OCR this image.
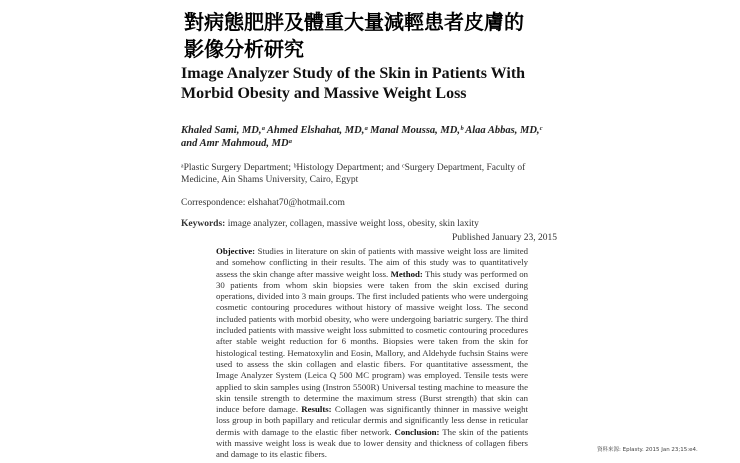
對病態肥胖及體重大量減輕患者皮膚的
影像分析研究
Image Analyzer Study of the Skin in Patients With
Morbid Obesity and Massive Weight Loss
Khaled Sami, MD,ᵃ Ahmed Elshahat, MD,ᵃ Manal Moussa, MD,ᵇ Alaa Abbas, MD,ᶜ
and Amr Mahmoud, MDᵃ
ᵃPlastic Surgery Department; ᵇHistology Department; and ᶜSurgery Department, Faculty of
Medicine, Ain Shams University, Cairo, Egypt
Correspondence: elshahat70@hotmail.com
Keywords: image analyzer, collagen, massive weight loss, obesity, skin laxity
Published January 23, 2015
Objective: Studies in literature on skin of patients with massive weight loss are limited and somehow conflicting in their results. The aim of this study was to quantitatively assess the skin change after massive weight loss. Method: This study was performed on 30 patients from whom skin biopsies were taken from the skin excised during operations, divided into 3 main groups. The first included patients who were undergoing cosmetic contouring procedures without history of massive weight loss. The second included patients with morbid obesity, who were undergoing bariatric surgery. The third included patients with massive weight loss submitted to cosmetic contouring procedures after stable weight reduction for 6 months. Biopsies were taken from the skin for histological testing. Hematoxylin and Eosin, Mallory, and Aldehyde fuchsin Stains were used to assess the skin collagen and elastic fibers. For quantitative assessment, the Image Analyzer System (Leica Q 500 MC program) was employed. Tensile tests were applied to skin samples using (Instron 5500R) Universal testing machine to measure the skin tensile strength to determine the maximum stress (Burst strength) that skin can induce before damage. Results: Collagen was significantly thinner in massive weight loss group in both papillary and reticular dermis and significantly less dense in reticular dermis with damage to the elastic fiber network. Conclusion: The skin of the patients with massive weight loss is weak due to lower density and thickness of collagen fibers and damage to its elastic fibers.	資料來源: Eplasty. 2015 Jan 23;15:e4.
